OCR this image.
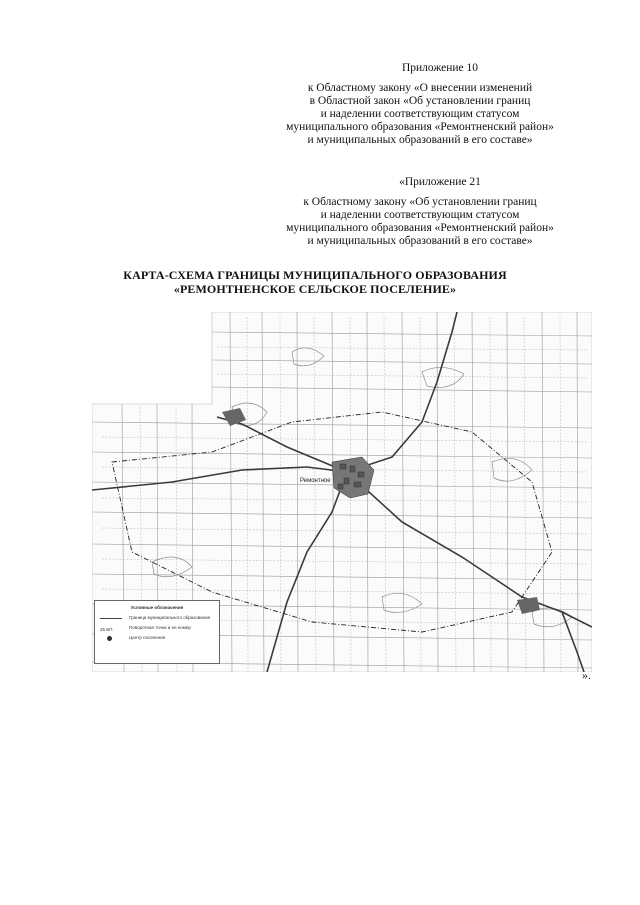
Приложение 10
к Областному закону «О внесении изменений
в Областной закон «Об установлении границ
и наделении соответствующим статусом
муниципального образования «Ремонтненский район»
и муниципальных образований в его составе»
«Приложение 21
к Областному закону «Об установлении границ
и наделении соответствующим статусом
муниципального образования «Ремонтненский район»
и муниципальных образований в его составе»
КАРТА-СХЕМА ГРАНИЦЫ МУНИЦИПАЛЬНОГО ОБРАЗОВАНИЯ
«РЕМОНТНЕНСКОЕ СЕЛЬСКОЕ ПОСЕЛЕНИЕ»
Ремонтное
Условные обозначения
Граница муниципального образования
25 БП	Поворотная точка и ее номер
Центр поселения
».
